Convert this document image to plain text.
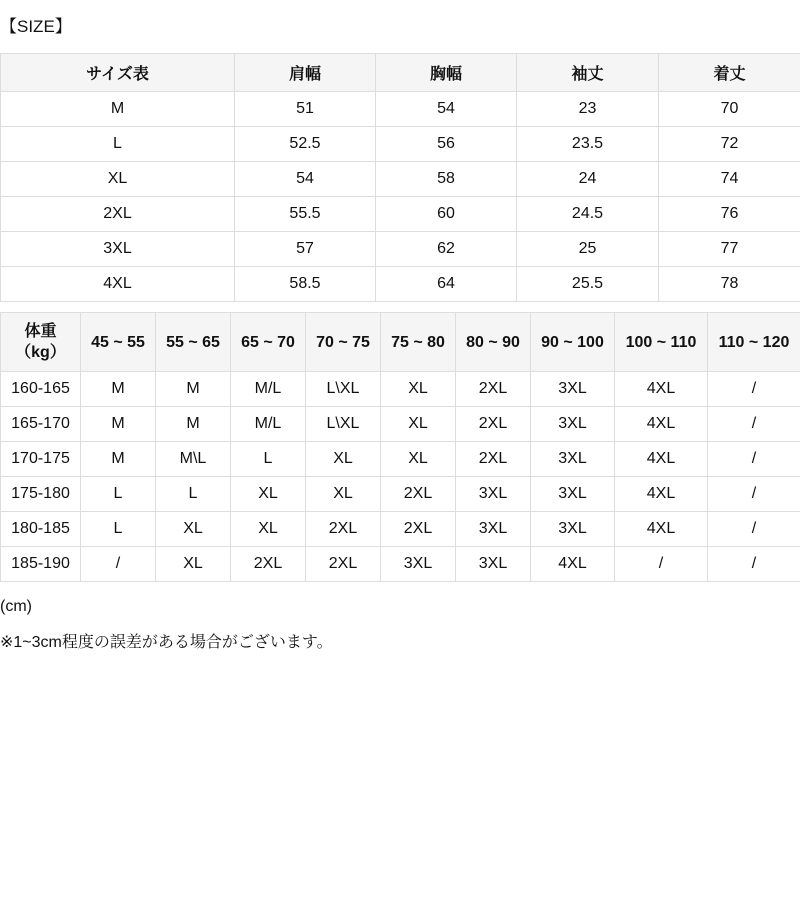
【SIZE】
サイズ表	肩幅	胸幅	袖丈	着丈
M	51	54	23	70
L	52.5	56	23.5	72
XL	54	58	24	74
2XL	55.5	60	24.5	76
3XL	57	62	25	77
4XL	58.5	64	25.5	78
体重
（kg）	45 ~ 55	55 ~ 65	65 ~ 70	70 ~ 75	75 ~ 80	80 ~ 90	90 ~ 100	100 ~ 110	110 ~ 120
160-165	M	M	M/L	L\XL	XL	2XL	3XL	4XL	/
165-170	M	M	M/L	L\XL	XL	2XL	3XL	4XL	/
170-175	M	M\L	L	XL	XL	2XL	3XL	4XL	/
175-180	L	L	XL	XL	2XL	3XL	3XL	4XL	/
180-185	L	XL	XL	2XL	2XL	3XL	3XL	4XL	/
185-190	/	XL	2XL	2XL	3XL	3XL	4XL	/	/
(cm)
※1~3cm程度の誤差がある場合がございます。
